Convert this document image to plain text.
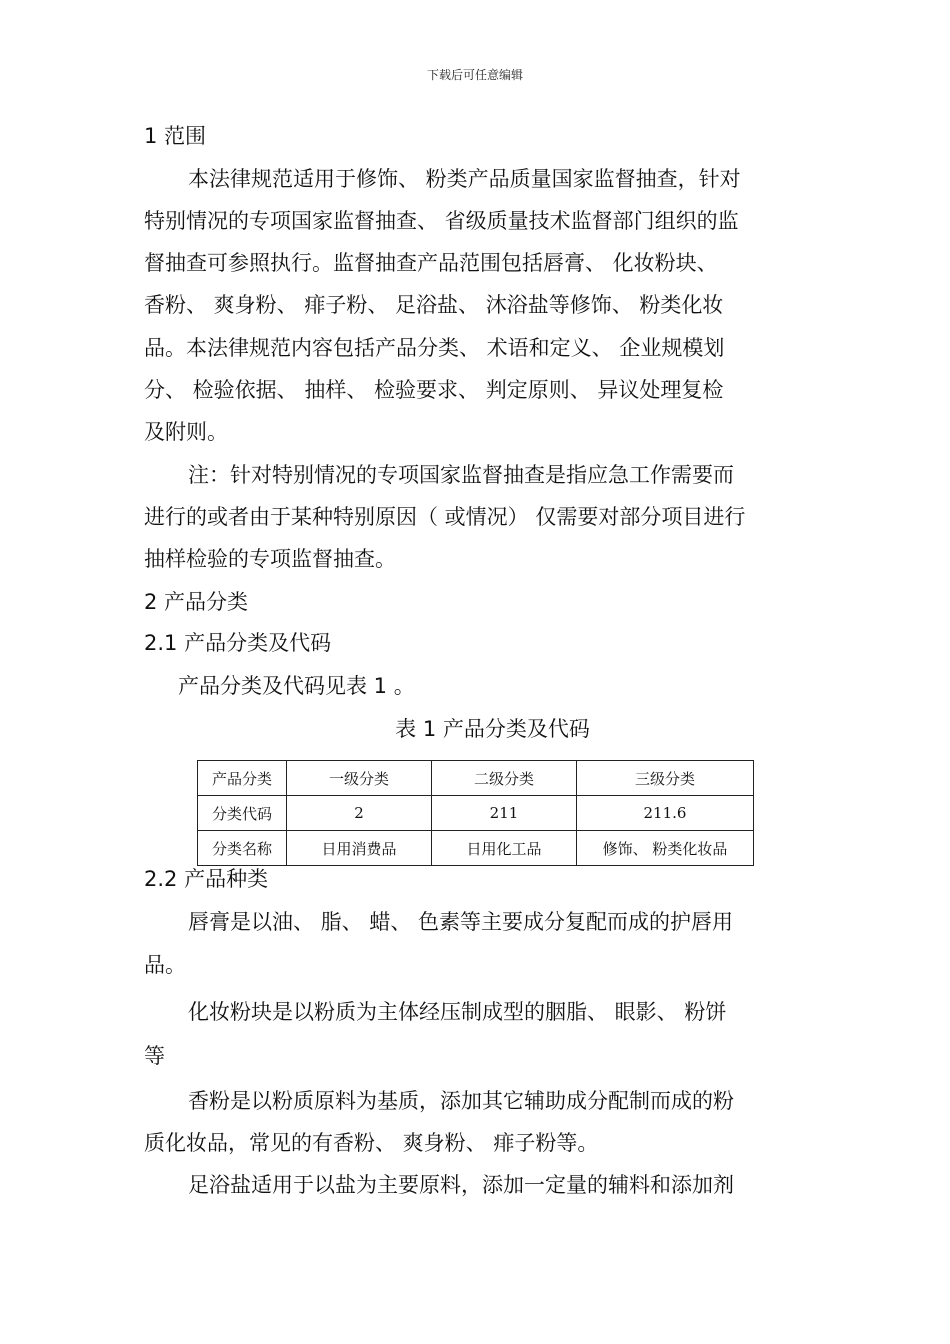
下载后可任意编辑
1 范围
本法律规范适用于修饰、 粉类产品质量国家监督抽查，针对
特别情况的专项国家监督抽查、 省级质量技术监督部门组织的监
督抽查可参照执行。监督抽查产品范围包括唇膏、 化妆粉块、
香粉、 爽身粉、 痱子粉、 足浴盐、 沐浴盐等修饰、 粉类化妆
品。本法律规范内容包括产品分类、 术语和定义、 企业规模划
分、 检验依据、 抽样、 检验要求、 判定原则、 异议处理复检
及附则。
注：针对特别情况的专项国家监督抽查是指应急工作需要而
进行的或者由于某种特别原因（ 或情况） 仅需要对部分项目进行
抽样检验的专项监督抽查。
2 产品分类
2.1 产品分类及代码
产品分类及代码见表 1 。
表 1 产品分类及代码
产品分类	一级分类	二级分类	三级分类
分类代码	2	211	211.6
分类名称	日用消费品	日用化工品	修饰、 粉类化妆品
2.2 产品种类
唇膏是以油、 脂、 蜡、 色素等主要成分复配而成的护唇用
品。
化妆粉块是以粉质为主体经压制成型的胭脂、 眼影、 粉饼
等
香粉是以粉质原料为基质，添加其它辅助成分配制而成的粉
质化妆品，常见的有香粉、 爽身粉、 痱子粉等。
足浴盐适用于以盐为主要原料，添加一定量的辅料和添加剂
